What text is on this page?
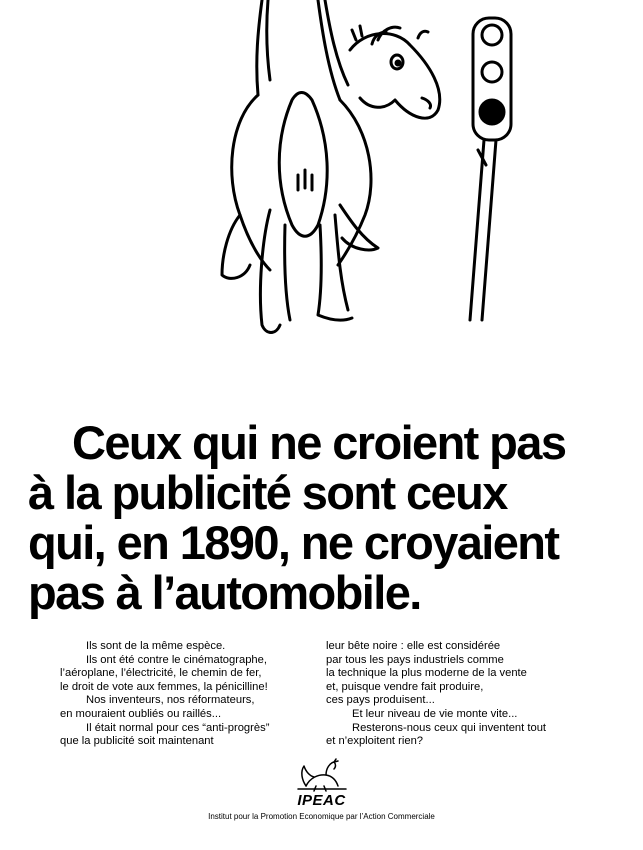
Ceux qui ne croient pas
à la publicité sont ceux
qui, en 1890, ne croyaient
pas à l’automobile.
Ils sont de la même espèce.
Ils ont été contre le cinématographe,
l’aéroplane, l’électricité, le chemin de fer,
le droit de vote aux femmes, la pénicilline!
Nos inventeurs, nos réformateurs,
en mouraient oubliés ou raillés...
Il était normal pour ces “anti-progrès”
que la publicité soit maintenant
leur bête noire : elle est considérée
par tous les pays industriels comme
la technique la plus moderne de la vente
et, puisque vendre fait produire,
ces pays produisent...
Et leur niveau de vie monte vite...
Resterons-nous ceux qui inventent tout
et n’exploitent rien?
IPEAC
Institut pour la Promotion Economique par l’Action Commerciale
